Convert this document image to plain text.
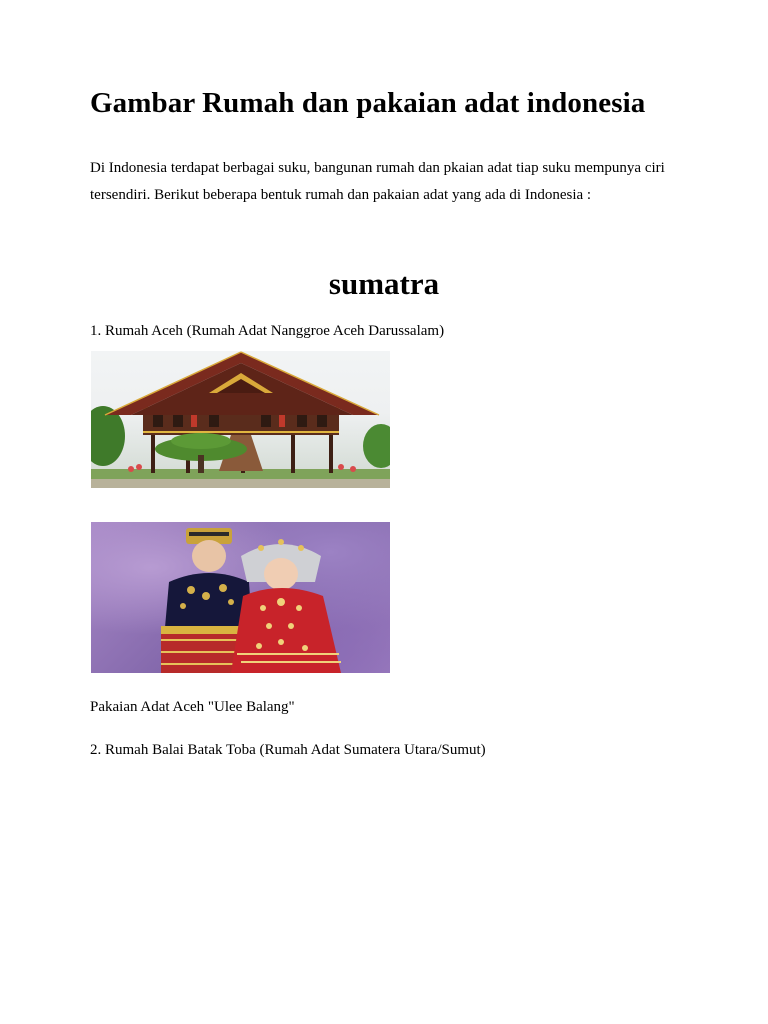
Gambar Rumah dan pakaian adat indonesia

Di Indonesia terdapat berbagai suku, bangunan rumah dan pkaian adat tiap suku mempunya ciri tersendiri. Berikut beberapa bentuk rumah dan pakaian adat yang ada di Indonesia :

sumatra

1. Rumah Aceh (Rumah Adat Nanggroe Aceh Darussalam)

Pakaian Adat Aceh "Ulee Balang"

2. Rumah Balai Batak Toba (Rumah Adat Sumatera Utara/Sumut)
